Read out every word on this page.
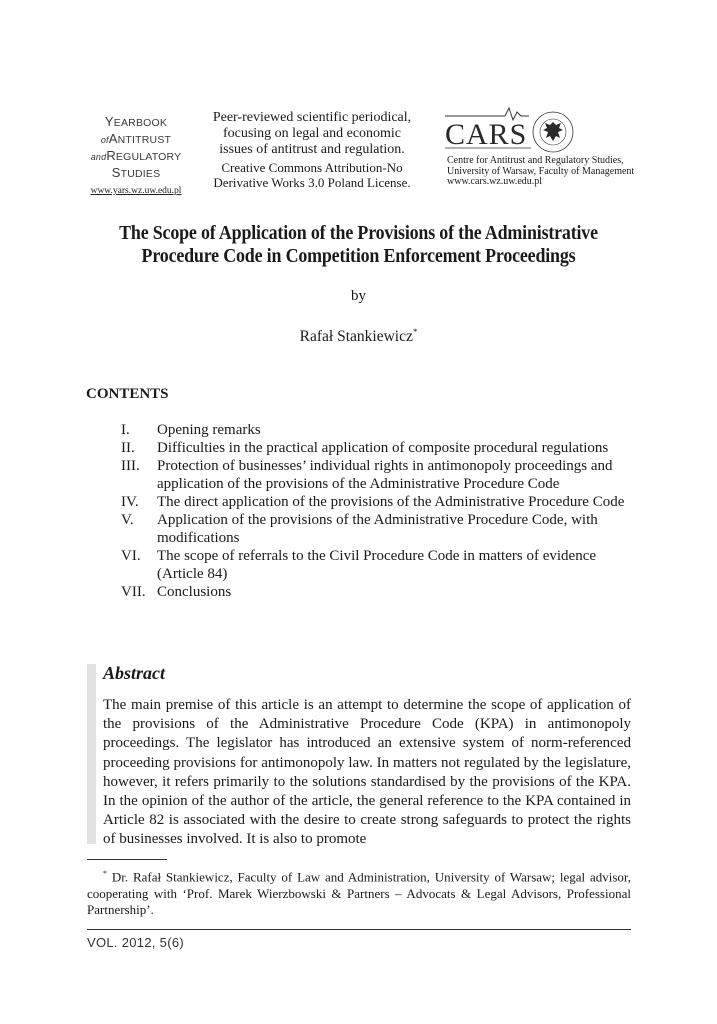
YEARBOOK
ofANTITRUST
andREGULATORY
STUDIES
www.yars.wz.uw.edu.pl
Peer-reviewed scientific periodical,
focusing on legal and economic
issues of antitrust and regulation.
Creative Commons Attribution-No
Derivative Works 3.0 Poland License.
CARS
Centre for Antitrust and Regulatory Studies,
University of Warsaw, Faculty of Management
www.cars.wz.uw.edu.pl
The Scope of Application of the Provisions of the Administrative
Procedure Code in Competition Enforcement Proceedings
by
Rafał Stankiewicz*
CONTENTS
I.	Opening remarks
II.	Difficulties in the practical application of composite procedural regulations
III.	Protection of businesses’ individual rights in antimonopoly proceedings and application of the provisions of the Administrative Procedure Code
IV.	The direct application of the provisions of the Administrative Procedure Code
V.	Application of the provisions of the Administrative Procedure Code, with modifications
VI.	The scope of referrals to the Civil Procedure Code in matters of evidence (Article 84)
VII. Conclusions
Abstract
The main premise of this article is an attempt to determine the scope of application of the provisions of the Administrative Procedure Code (KPA) in antimonopoly proceedings. The legislator has introduced an extensive system of norm-referenced proceeding provisions for antimonopoly law. In matters not regulated by the legislature, however, it refers primarily to the solutions standardised by the provisions of the KPA. In the opinion of the author of the article, the general reference to the KPA contained in Article 82 is associated with the desire to create strong safeguards to protect the rights of businesses involved. It is also to promote
* Dr. Rafał Stankiewicz, Faculty of Law and Administration, University of Warsaw; legal advisor, cooperating with ‘Prof. Marek Wierzbowski & Partners – Advocats & Legal Advisors, Professional Partnership’.
VOL. 2012, 5(6)
